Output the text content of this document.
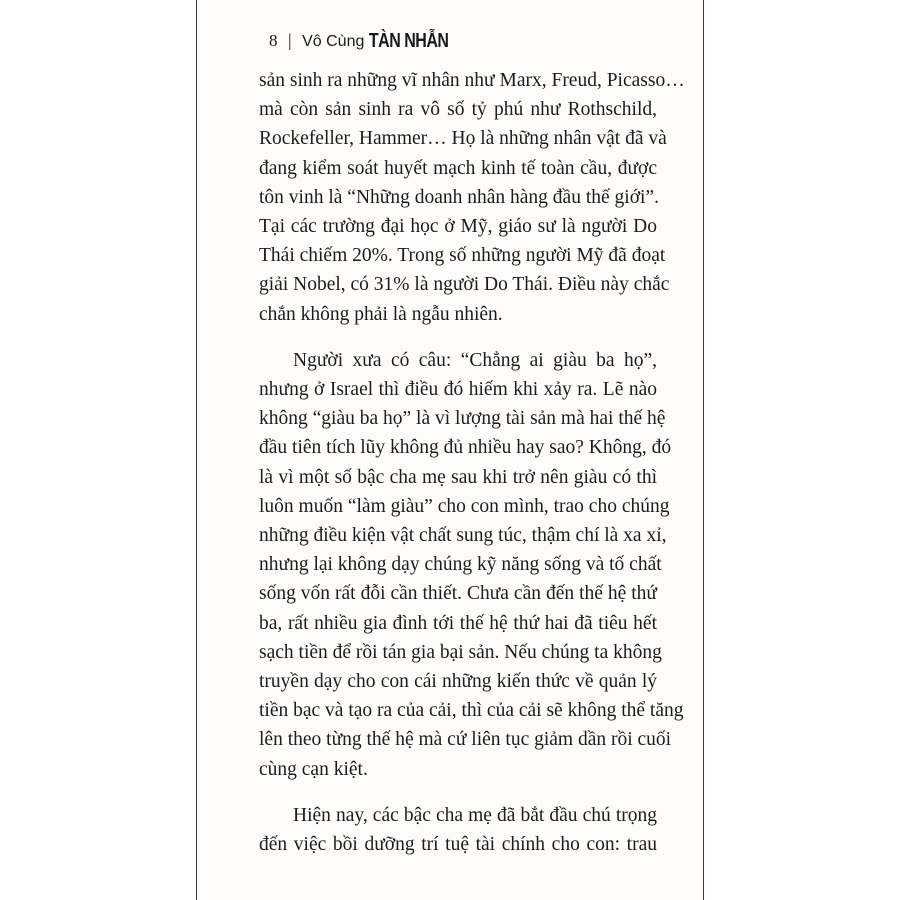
8 | Vô Cùng TÀN NHẪN
sản sinh ra những vĩ nhân như Marx, Freud, Picasso…
mà còn sản sinh ra vô số tỷ phú như Rothschild,
Rockefeller, Hammer… Họ là những nhân vật đã và
đang kiểm soát huyết mạch kinh tế toàn cầu, được
tôn vinh là “Những doanh nhân hàng đầu thế giới”.
Tại các trường đại học ở Mỹ, giáo sư là người Do
Thái chiếm 20%. Trong số những người Mỹ đã đoạt
giải Nobel, có 31% là người Do Thái. Điều này chắc
chắn không phải là ngẫu nhiên.
Người xưa có câu: “Chẳng ai giàu ba họ”,
nhưng ở Israel thì điều đó hiếm khi xảy ra. Lẽ nào
không “giàu ba họ” là vì lượng tài sản mà hai thế hệ
đầu tiên tích lũy không đủ nhiều hay sao? Không, đó
là vì một số bậc cha mẹ sau khi trở nên giàu có thì
luôn muốn “làm giàu” cho con mình, trao cho chúng
những điều kiện vật chất sung túc, thậm chí là xa xỉ,
nhưng lại không dạy chúng kỹ năng sống và tố chất
sống vốn rất đỗi cần thiết. Chưa cần đến thế hệ thứ
ba, rất nhiều gia đình tới thế hệ thứ hai đã tiêu hết
sạch tiền để rồi tán gia bại sản. Nếu chúng ta không
truyền dạy cho con cái những kiến thức về quản lý
tiền bạc và tạo ra của cải, thì của cải sẽ không thể tăng
lên theo từng thế hệ mà cứ liên tục giảm dần rồi cuối
cùng cạn kiệt.
Hiện nay, các bậc cha mẹ đã bắt đầu chú trọng
đến việc bồi dưỡng trí tuệ tài chính cho con: trau
